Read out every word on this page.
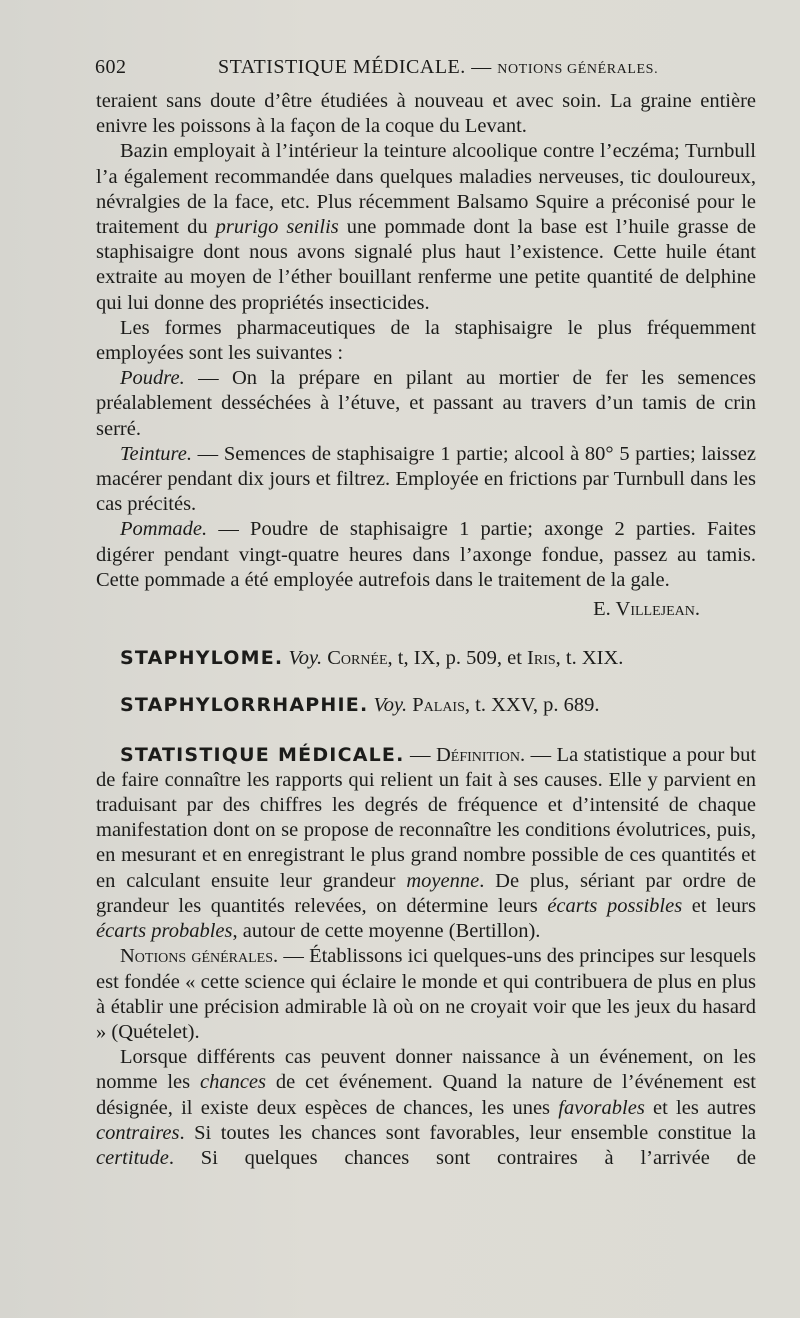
602	STATISTIQUE MÉDICALE. — NOTIONS GÉNÉRALES.

teraient sans doute d’être étudiées à nouveau et avec soin. La graine entière enivre les poissons à la façon de la coque du Levant.

Bazin employait à l’intérieur la teinture alcoolique contre l’eczéma; Turnbull l’a également recommandée dans quelques maladies nerveuses, tic douloureux, névralgies de la face, etc. Plus récemment Balsamo Squire a préconisé pour le traitement du prurigo senilis une pommade dont la base est l’huile grasse de staphisaigre dont nous avons signalé plus haut l’existence. Cette huile étant extraite au moyen de l’éther bouillant renferme une petite quantité de delphine qui lui donne des propriétés insecticides.

Les formes pharmaceutiques de la staphisaigre le plus fréquemment employées sont les suivantes :

Poudre. — On la prépare en pilant au mortier de fer les semences préalablement desséchées à l’étuve, et passant au travers d’un tamis de crin serré.

Teinture. — Semences de staphisaigre 1 partie; alcool à 80° 5 parties; laissez macérer pendant dix jours et filtrez. Employée en frictions par Turnbull dans les cas précités.

Pommade. — Poudre de staphisaigre 1 partie; axonge 2 parties. Faites digérer pendant vingt-quatre heures dans l’axonge fondue, passez au tamis. Cette pommade a été employée autrefois dans le traitement de la gale.

E. Villejean.

STAPHYLOME. Voy. Cornée, t, IX, p. 509, et Iris, t. XIX.

STAPHYLORRHAPHIE. Voy. Palais, t. XXV, p. 689.

STATISTIQUE MÉDICALE. — Définition. — La statistique a pour but de faire connaître les rapports qui relient un fait à ses causes. Elle y parvient en traduisant par des chiffres les degrés de fréquence et d’intensité de chaque manifestation dont on se propose de reconnaître les conditions évolutrices, puis, en mesurant et en enregistrant le plus grand nombre possible de ces quantités et en calculant ensuite leur grandeur moyenne. De plus, sériant par ordre de grandeur les quantités relevées, on détermine leurs écarts possibles et leurs écarts probables, autour de cette moyenne (Bertillon).

Notions générales. — Établissons ici quelques-uns des principes sur lesquels est fondée « cette science qui éclaire le monde et qui contribuera de plus en plus à établir une précision admirable là où on ne croyait voir que les jeux du hasard » (Quételet).

Lorsque différents cas peuvent donner naissance à un événement, on les nomme les chances de cet événement. Quand la nature de l’événement est désignée, il existe deux espèces de chances, les unes favorables et les autres contraires. Si toutes les chances sont favorables, leur ensemble constitue la certitude. Si quelques chances sont contraires à l’arrivée de
